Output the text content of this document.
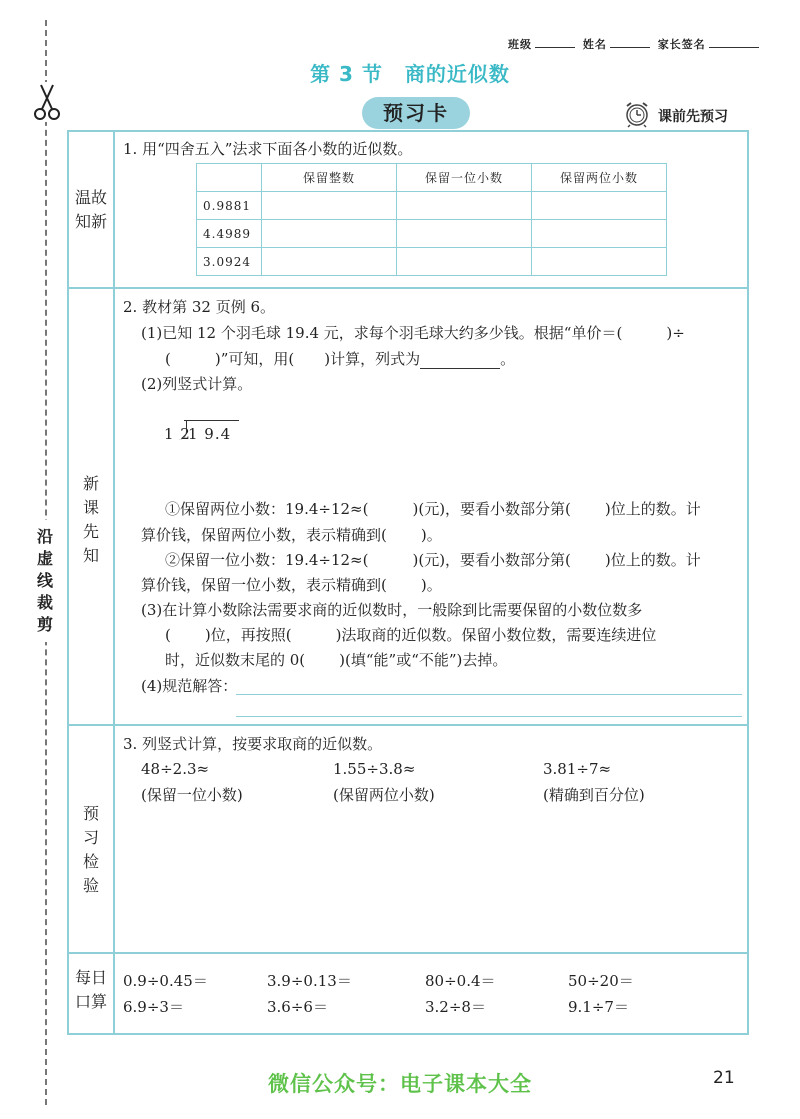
沿
虚
线
裁
剪
班级	姓名	家长签名
第 3 节 商的近似数
预习卡	课前先预习
温故
知新
新
课
先
知
预
习
检
验
每日
口算
1. 用“四舍五入”法求下面各小数的近似数。
	保留整数	保留一位小数	保留两位小数
0.9881			
4.4989			
3.0924			
2. 教材第 32 页例 6。
(1)已知 12 个羽毛球 19.4 元，求每个羽毛球大约多少钱。根据“单价＝(	)÷
(	)”可知，用( )计算，列式为	。
(2)列竖式计算。
1 2
1 9.4
①保留两位小数：19.4÷12≈(	)(元)，要看小数部分第( )位上的数。计
算价钱，保留两位小数，表示精确到( )。
②保留一位小数：19.4÷12≈(	)(元)，要看小数部分第( )位上的数。计
算价钱，保留一位小数，表示精确到( )。
(3)在计算小数除法需要求商的近似数时，一般除到比需要保留的小数位数多
( )位，再按照(	)法取商的近似数。保留小数位数，需要连续进位
时，近似数末尾的 0( )(填“能”或“不能”)去掉。
(4)规范解答：
3. 列竖式计算，按要求取商的近似数。
48÷2.3≈	1.55÷3.8≈	3.81÷7≈
(保留一位小数)	(保留两位小数)	(精确到百分位)
0.9÷0.45＝	3.9÷0.13＝	80÷0.4＝	50÷20＝
6.9÷3＝	3.6÷6＝	3.2÷8＝	9.1÷7＝
微信公众号：电子课本大全	21
